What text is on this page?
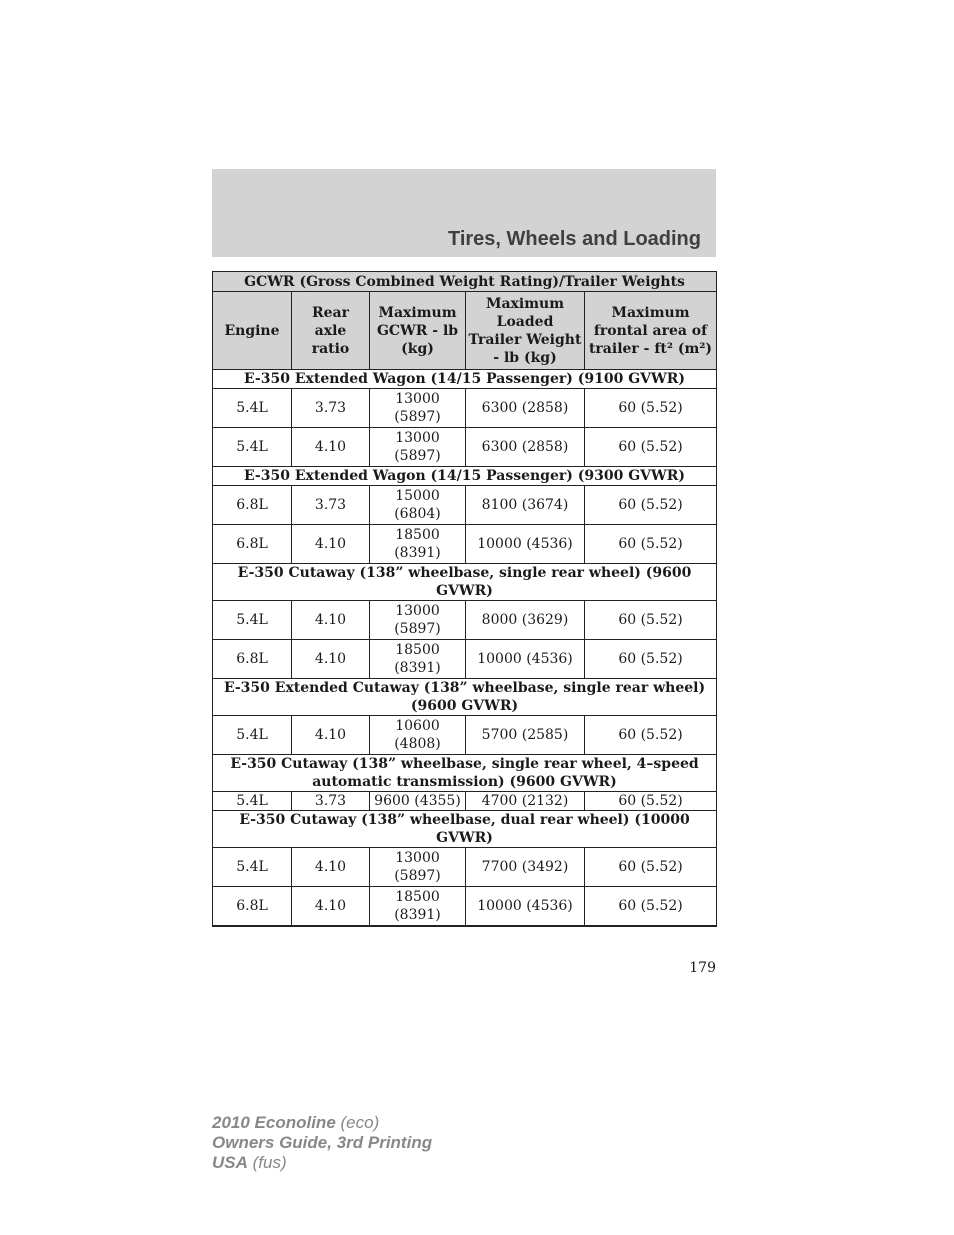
Tires, Wheels and Loading
GCWR (Gross Combined Weight Rating)/Trailer Weights				
Engine	Rear axle ratio	Maximum GCWR - lb (kg)	Maximum Loaded Trailer Weight - lb (kg)	Maximum frontal area of trailer - ft² (m²)
E-350 Extended Wagon (14/15 Passenger) (9100 GVWR)				
5.4L	3.73	13000 (5897)	6300 (2858)	60 (5.52)
5.4L	4.10	13000 (5897)	6300 (2858)	60 (5.52)
E-350 Extended Wagon (14/15 Passenger) (9300 GVWR)				
6.8L	3.73	15000 (6804)	8100 (3674)	60 (5.52)
6.8L	4.10	18500 (8391)	10000 (4536)	60 (5.52)
E-350 Cutaway (138” wheelbase, single rear wheel) (9600 GVWR)				
5.4L	4.10	13000 (5897)	8000 (3629)	60 (5.52)
6.8L	4.10	18500 (8391)	10000 (4536)	60 (5.52)
E-350 Extended Cutaway (138” wheelbase, single rear wheel) (9600 GVWR)				
5.4L	4.10	10600 (4808)	5700 (2585)	60 (5.52)
E-350 Cutaway (138” wheelbase, single rear wheel, 4–speed automatic transmission) (9600 GVWR)				
5.4L	3.73	9600 (4355)	4700 (2132)	60 (5.52)
E-350 Cutaway (138” wheelbase, dual rear wheel) (10000 GVWR)				
5.4L	4.10	13000 (5897)	7700 (3492)	60 (5.52)
6.8L	4.10	18500 (8391)	10000 (4536)	60 (5.52)
179
2010 Econoline (eco)
Owners Guide, 3rd Printing
USA (fus)
